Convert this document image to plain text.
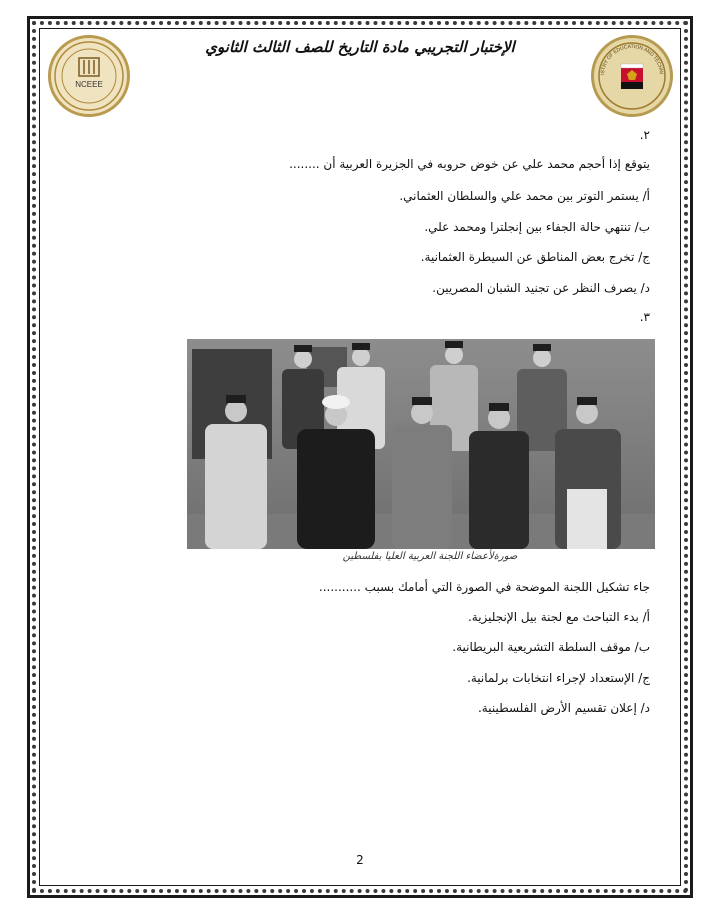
NCEEE
ISTRY OF EDUCATION AND TECHNI
الإختبار التجريبي مادة التاريخ للصف الثالث الثانوي
٢.
يتوقع إذا أحجم محمد علي عن خوض حروبه في الجزيرة العربية أن ........
أ/ يستمر التوتر بين محمد علي والسلطان العثماني.
ب/ تنتهي حالة الجفاء بين إنجلترا ومحمد علي.
ج/ تخرج بعض المناطق عن السيطرة العثمانية.
د/ يصرف النظر عن تجنيد الشبان المصريين.
٣.
صورةلأعضاء اللجنة العربية العليا بفلسطين
جاء تشكيل اللجنة الموضحة في الصورة التي أمامك بسبب ...........
أ/ بدء التباحث مع لجنة بيل الإنجليزية.
ب/ موقف السلطة التشريعية البريطانية.
ج/ الإستعداد لإجراء انتخابات برلمانية.
د/ إعلان تقسيم الأرض الفلسطينية.
2
